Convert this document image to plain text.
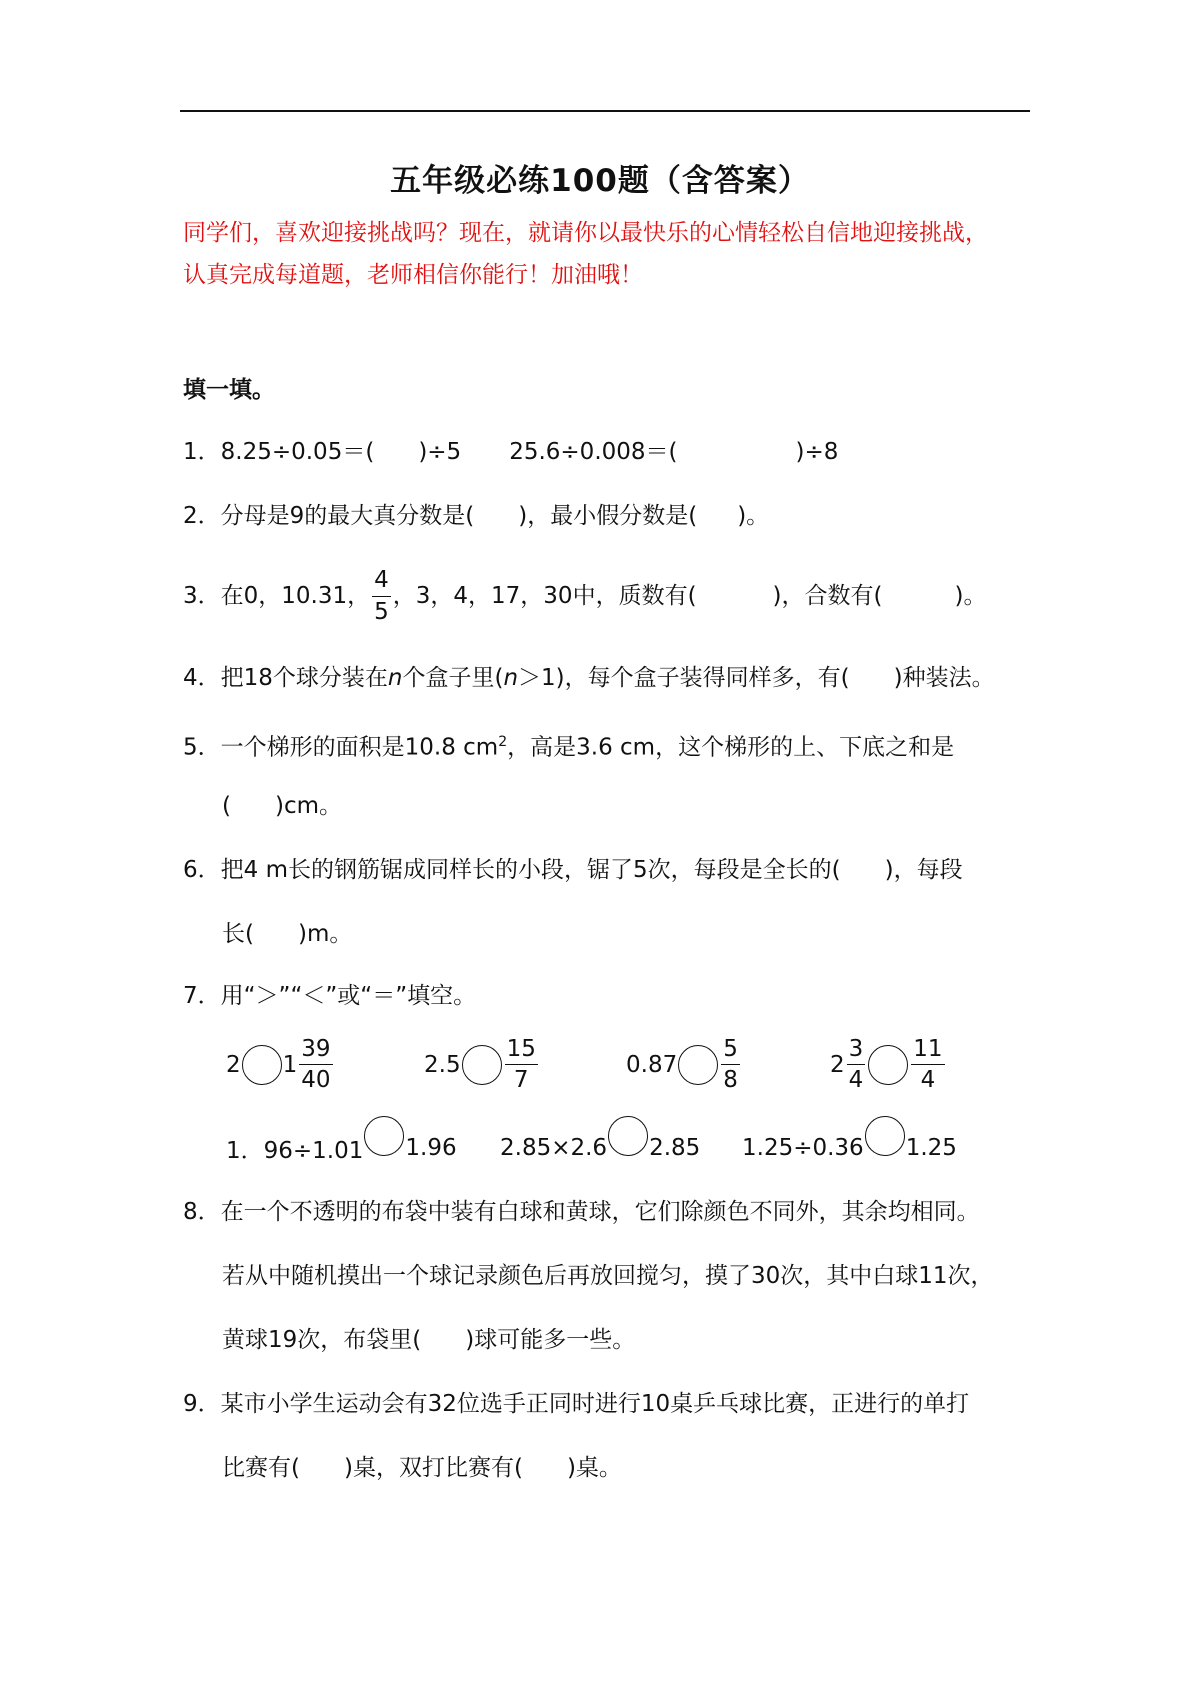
五年级必练100题（含答案）
同学们，喜欢迎接挑战吗？现在，就请你以最快乐的心情轻松自信地迎接挑战，
认真完成每道题，老师相信你能行！加油哦！
填一填。
1．8.25÷0.05＝( )÷5 25.6÷0.008＝(	)÷8
2．分母是9的最大真分数是( )，最小假分数是( )。
3．在0，10.31， $\frac{4}{5}$ ，3，4，17，30中，质数有(	)，合数有(	)。
4．把18个球分装在n个盒子里(n＞1)，每个盒子装得同样多，有( )种装法。
5．一个梯形的面积是10.8 $cm^2$，高是3.6 cm，这个梯形的上、下底之和是
( )cm。
6．把4 m长的钢筋锯成同样长的小段，锯了5次，每段是全长的( )，每段
长( )m。
7．用“＞”“＜”或“＝”填空。
2 $1 \frac{39}{40}$	$2.5 \frac{15}{7}$	$0.87 \frac{5}{8}$	$2 \frac{3}{4} \frac{11}{4}$
1．96÷1.01 1.96 2.85×2.6 2.85 1.25÷0.36 1.25
8．在一个不透明的布袋中装有白球和黄球，它们除颜色不同外，其余均相同。
若从中随机摸出一个球记录颜色后再放回搅匀，摸了30次，其中白球11次，
黄球19次，布袋里( )球可能多一些。
9．某市小学生运动会有32位选手正同时进行10桌乒乓球比赛，正进行的单打
比赛有( )桌，双打比赛有( )桌。
